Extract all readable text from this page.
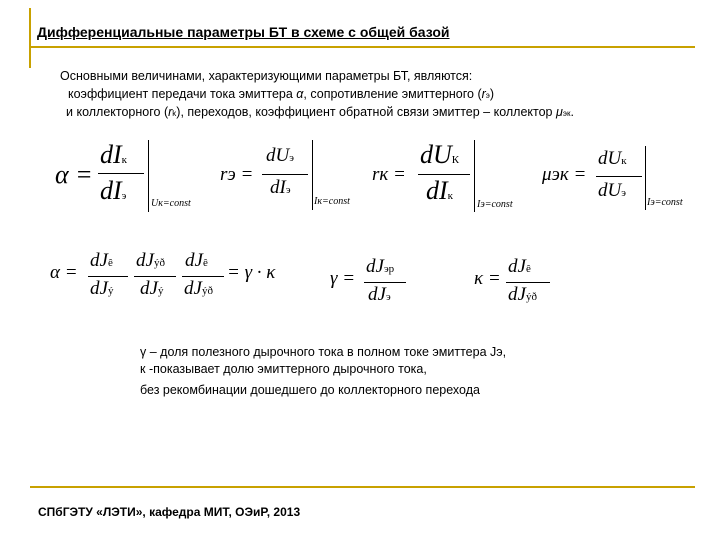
Дифференциальные параметры БТ в схеме с общей базой
Основными величинами, характеризующими параметры БТ, являются:
коэффициент передачи тока эмиттера α, сопротивление эмиттерного (rэ)
и коллекторного (rk), переходов, коэффициент обратной связи эмиттер – коллектор μэк.
α =
dIк
dIэ
Uк=const
rэ =
dUэ
dIэ
Iк=const
rк =
dUК
dIк
Iэ=const
μэк =
dUк
dUэ
Iэ=const
α =
dJê
dJý
dJýð
dJý
dJê
dJýð
= γ · κ	γ =
dJэр
dJэ
κ =
dJê
dJýð
γ – доля полезного дырочного тока в полном токе эмиттера Jэ,
к -показывает долю эмиттерного дырочного тока,
без рекомбинации дошедшего до коллекторного перехода
СПбГЭТУ «ЛЭТИ», кафедра МИТ, ОЭиР, 2013
